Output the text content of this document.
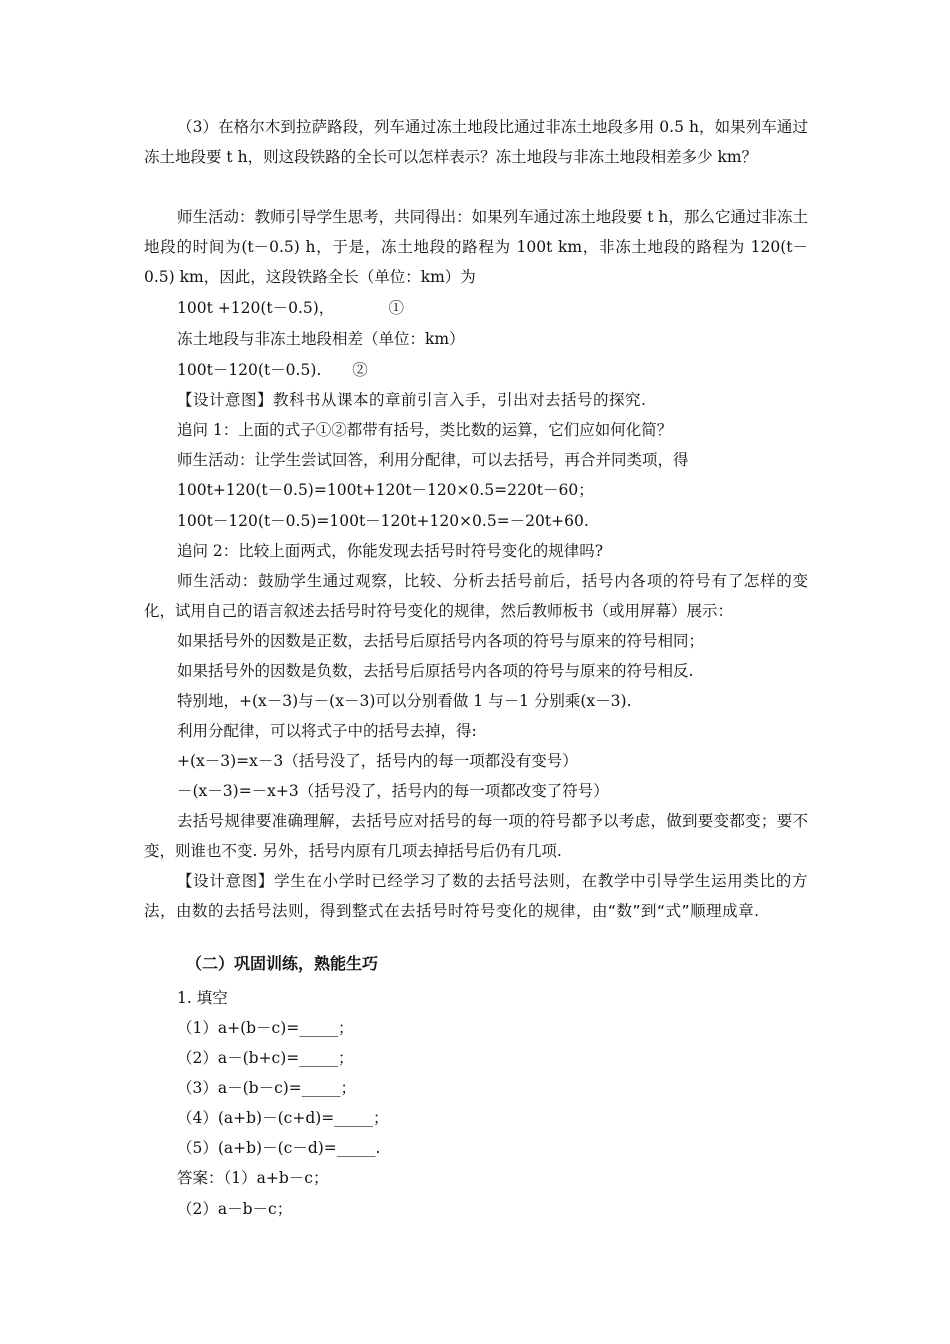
（3）在格尔木到拉萨路段，列车通过冻土地段比通过非冻土地段多用 0.5 h，如果列车通过冻土地段要 t h，则这段铁路的全长可以怎样表示？冻土地段与非冻土地段相差多少 km？
师生活动：教师引导学生思考，共同得出：如果列车通过冻土地段要 t h，那么它通过非冻土地段的时间为(t－0.5) h，于是，冻土地段的路程为 100t km，非冻土地段的路程为 120(t－0.5) km，因此，这段铁路全长（单位：km）为
100t +120(t－0.5)，　　　　①
冻土地段与非冻土地段相差（单位：km）
100t－120(t－0.5).　　②
【设计意图】教科书从课本的章前引言入手，引出对去括号的探究.
追问 1：上面的式子①②都带有括号，类比数的运算，它们应如何化简？
师生活动：让学生尝试回答，利用分配律，可以去括号，再合并同类项，得
100t+120(t－0.5)=100t+120t－120×0.5=220t－60；
100t－120(t－0.5)=100t－120t+120×0.5=－20t+60.
追问 2：比较上面两式，你能发现去括号时符号变化的规律吗?
师生活动：鼓励学生通过观察，比较、分析去括号前后，括号内各项的符号有了怎样的变化，试用自己的语言叙述去括号时符号变化的规律，然后教师板书（或用屏幕）展示：
如果括号外的因数是正数，去括号后原括号内各项的符号与原来的符号相同；
如果括号外的因数是负数，去括号后原括号内各项的符号与原来的符号相反.
特别地，+(x－3)与－(x－3)可以分别看做 1 与－1 分别乘(x－3).
利用分配律，可以将式子中的括号去掉，得:
+(x－3)=x－3（括号没了，括号内的每一项都没有变号）
－(x－3)=－x+3（括号没了，括号内的每一项都改变了符号）
去括号规律要准确理解，去括号应对括号的每一项的符号都予以考虑，做到要变都变；要不变，则谁也不变. 另外，括号内原有几项去掉括号后仍有几项.
【设计意图】学生在小学时已经学习了数的去括号法则，在教学中引导学生运用类比的方法，由数的去括号法则，得到整式在去括号时符号变化的规律，由“数”到“式”顺理成章.
（二）巩固训练，熟能生巧
1. 填空
（1）a+(b－c)=_____；
（2）a－(b+c)=_____；
（3）a－(b－c)=_____；
（4）(a+b)－(c+d)=_____；
（5）(a+b)－(c－d)=_____.
答案：（1）a+b－c；
（2）a－b－c；
